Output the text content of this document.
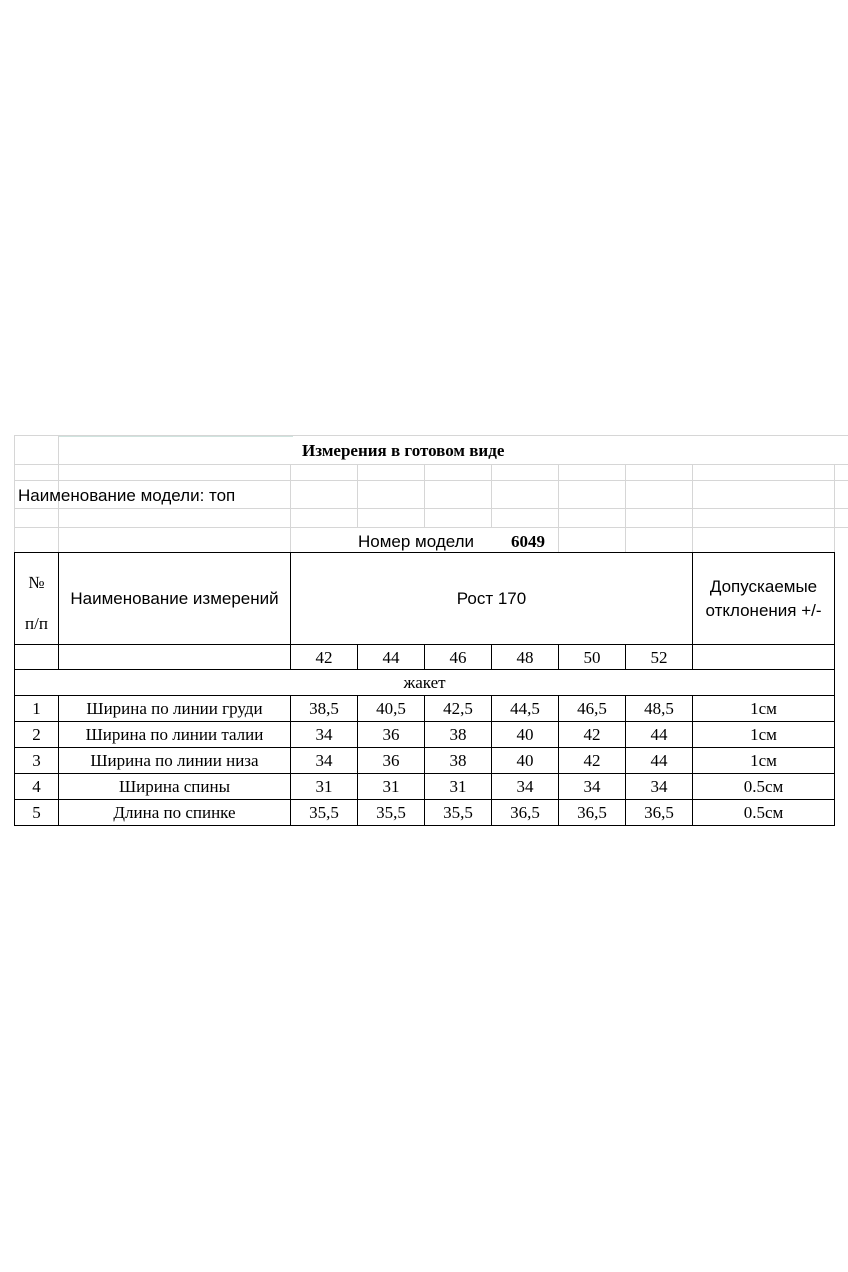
Измерения в готовом виде
Наименование модели: топ
Номер модели 6049
№
п/п	Наименование измерений	Рост 170						Допускаемые отклонения +/-
		42	44	46	48	50	52	
жакет								
1	Ширина по линии груди	38,5	40,5	42,5	44,5	46,5	48,5	1см
2	Ширина по линии талии	34	36	38	40	42	44	1см
3	Ширина по линии низа	34	36	38	40	42	44	1см
4	Ширина спины	31	31	31	34	34	34	0.5см
5	Длина по спинке	35,5	35,5	35,5	36,5	36,5	36,5	0.5см
